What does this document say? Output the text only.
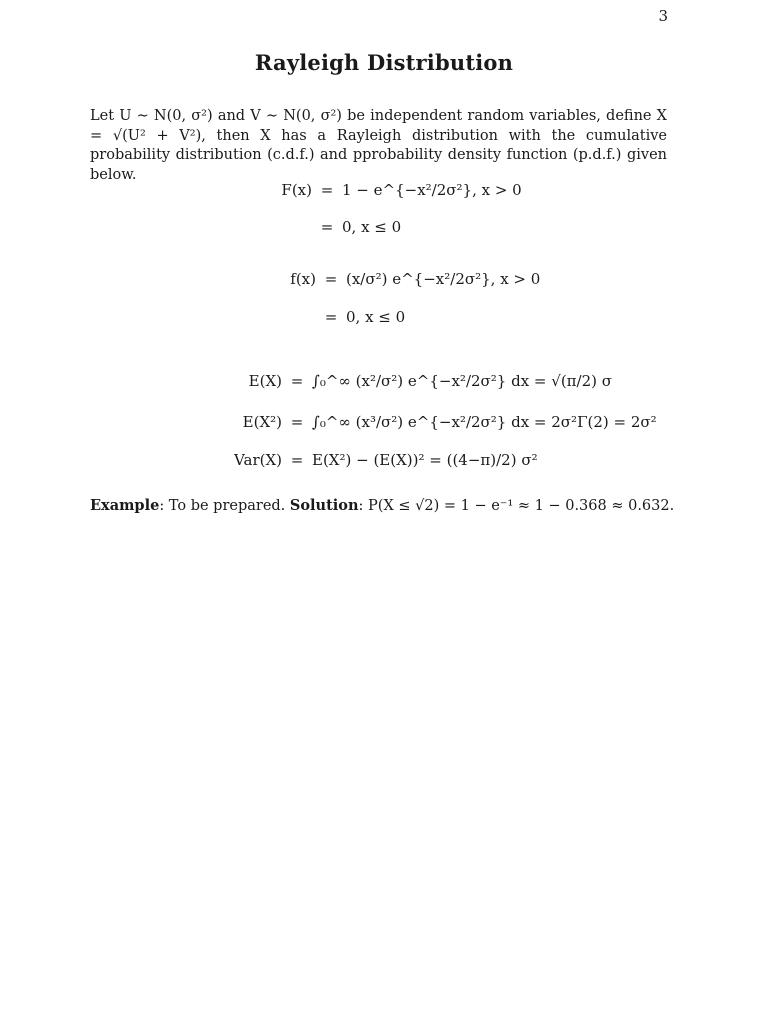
3
Rayleigh Distribution
Let U ∼ N(0, σ²) and V ∼ N(0, σ²) be independent random variables, define X = √(U² + V²), then X has a Rayleigh distribution with the cumulative probability distribution (c.d.f.) and pprobability density function (p.d.f.) given below.
F(x) = 1 − e^{−x²/2σ²}, x > 0
= 0, x ≤ 0
f(x) = (x/σ²) e^{−x²/2σ²}, x > 0
= 0, x ≤ 0
E(X) = ∫₀^∞ (x²/σ²) e^{−x²/2σ²} dx = √(π/2) σ
E(X²) = ∫₀^∞ (x³/σ²) e^{−x²/2σ²} dx = 2σ²Γ(2) = 2σ²
Var(X) = E(X²) − (E(X))² = ((4−π)/2) σ²
Example: To be prepared. Solution: P(X ≤ √2) = 1 − e⁻¹ ≈ 1 − 0.368 ≈ 0.632.
